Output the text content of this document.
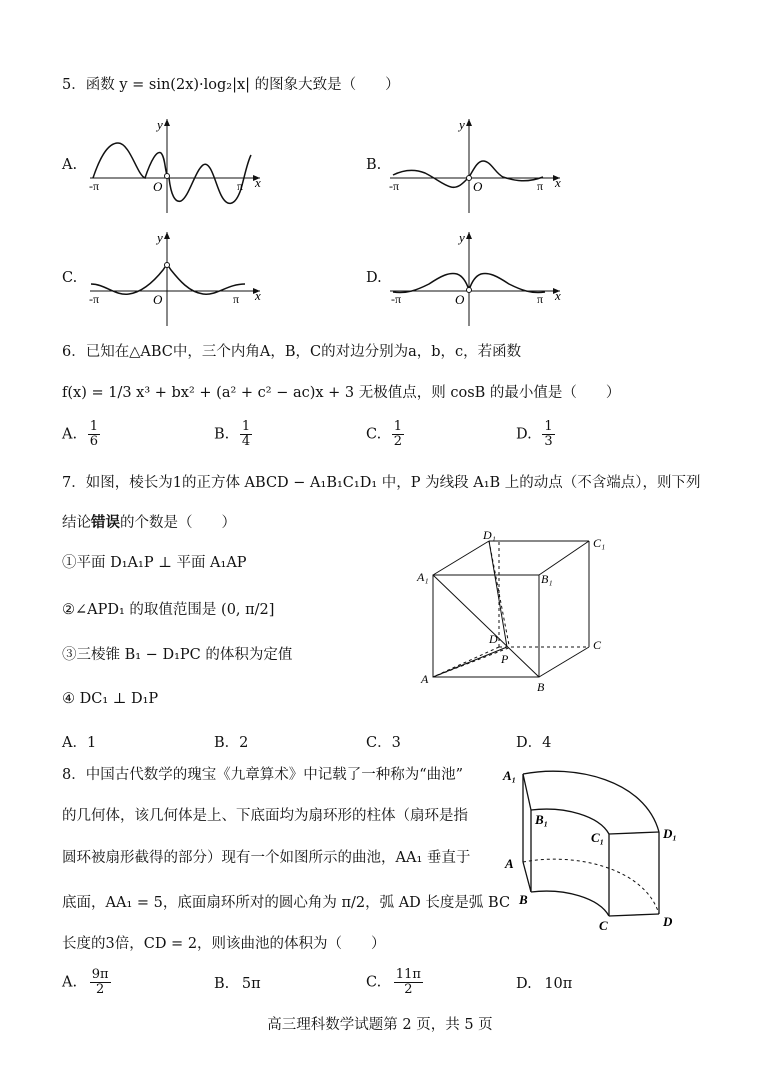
5．函数 y = sin(2x)·log₂|x| 的图象大致是（　　）
A.
-π	O	π x
y
B.
-π	O	π x
y
C.
-π	O	π x
y
D.
-π	O	π x
y
6．已知在△ABC中，三个内角A，B，C的对边分别为a，b，c，若函数
f(x) = 1/3 x³ + bx² + (a² + c² − ac)x + 3 无极值点，则 cosB 的最小值是（　　）
A. $\frac{1}{6}$	B. $\frac{1}{4}$	C. $\frac{1}{2}$	D. $\frac{1}{3}$
7．如图，棱长为1的正方体 ABCD − A₁B₁C₁D₁ 中，P 为线段 A₁B 上的动点（不含端点），则下列
结论错误的个数是（　　）
①平面 D₁A₁P ⊥ 平面 A₁AP
②∠APD₁ 的取值范围是 (0, π/2]
③三棱锥 B₁ − D₁PC 的体积为定值
④ DC₁ ⊥ D₁P
D₁
C₁
A₁	B₁
D	C
P
A
B
A．1	B．2	C．3	D．4
8．中国古代数学的瑰宝《九章算术》中记载了一种称为“曲池”
的几何体，该几何体是上、下底面均为扇环形的柱体（扇环是指
圆环被扇形截得的部分）现有一个如图所示的曲池，AA₁ 垂直于
底面，AA₁ = 5，底面扇环所对的圆心角为 π/2，弧 AD 长度是弧 BC
长度的3倍，CD = 2，则该曲池的体积为（　　）
A₁
B₁
C₁	D₁
A
B
C	D
A. $\frac{9\pi}{2}$	B. 5π	C. $\frac{11\pi}{2}$	D. 10π
高三理科数学试题第 2 页，共 5 页
